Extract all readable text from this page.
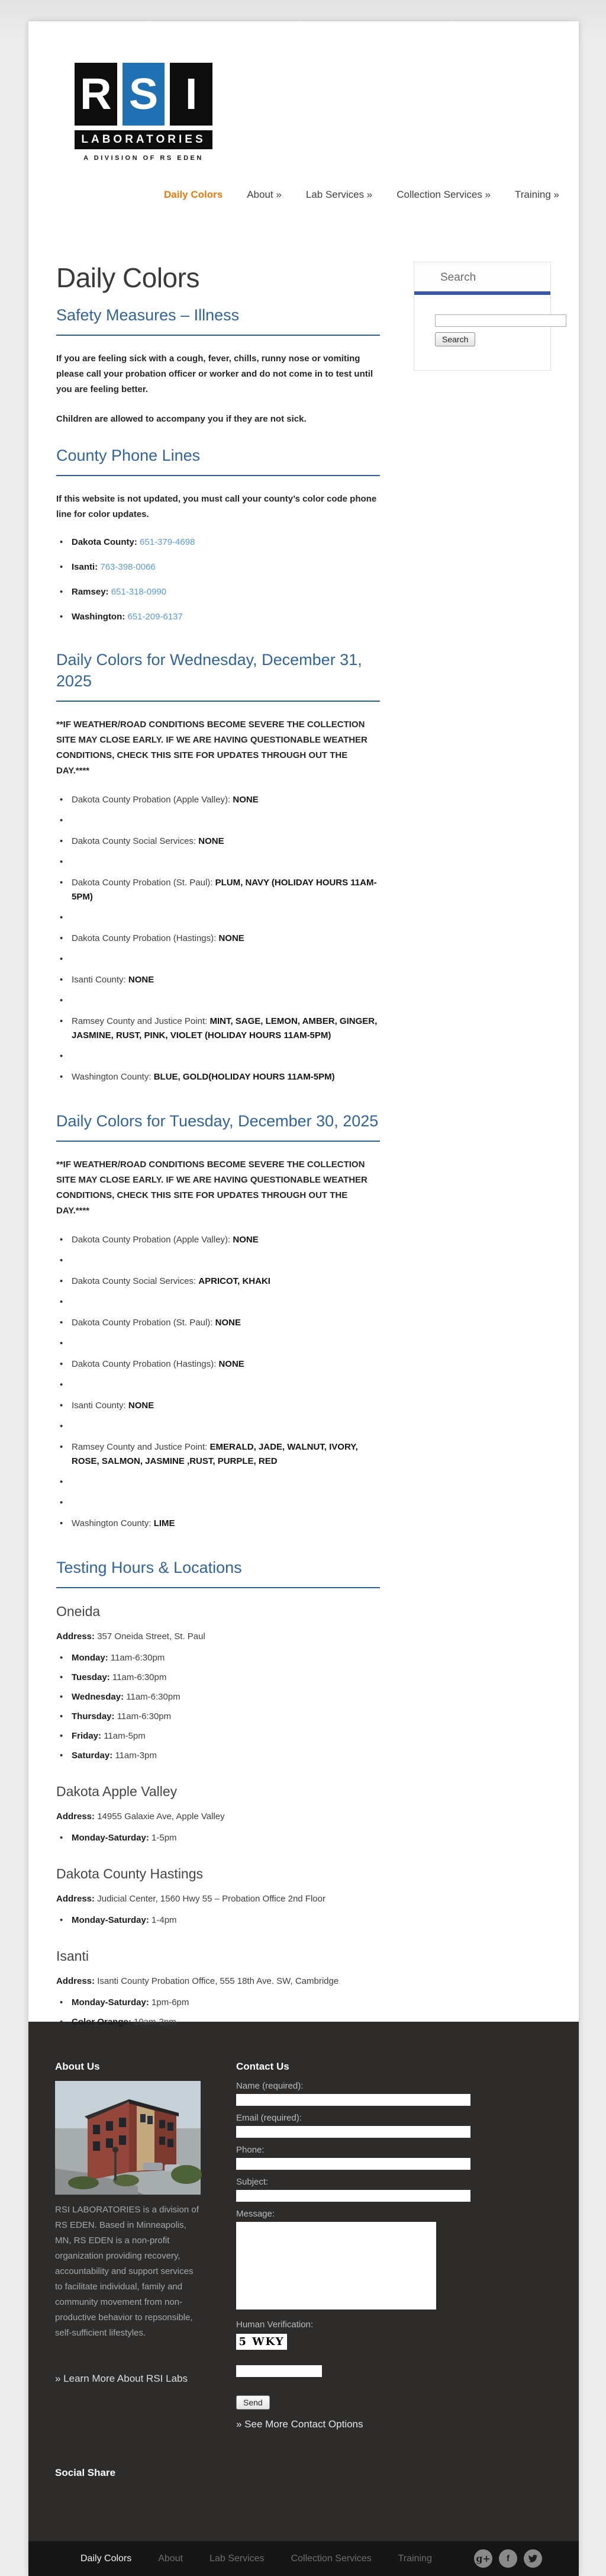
R S I
LABORATORIES
A DIVISION OF RS EDEN
Daily Colors About » Lab Services » Collection Services » Training »
Daily Colors
Safety Measures – Illness

If you are feeling sick with a cough, fever, chills, runny nose or vomiting please call your probation officer or worker and do not come in to test until you are feeling better.

Children are allowed to accompany you if they are not sick.

County Phone Lines

If this website is not updated, you must call your county’s color code phone line for color updates.

• Dakota County: 651-379-4698
• Isanti: 763-398-0066
• Ramsey: 651-318-0990
• Washington: 651-209-6137
Daily Colors for Wednesday, December 31, 2025

**IF WEATHER/ROAD CONDITIONS BECOME SEVERE THE COLLECTION SITE MAY CLOSE EARLY. IF WE ARE HAVING QUESTIONABLE WEATHER CONDITIONS, CHECK THIS SITE FOR UPDATES THROUGH OUT THE DAY.****

• Dakota County Probation (Apple Valley): NONE
•
• Dakota County Social Services: NONE
•
• Dakota County Probation (St. Paul): PLUM, NAVY (HOLIDAY HOURS 11AM-5PM)
•
• Dakota County Probation (Hastings): NONE
•
• Isanti County: NONE
•
• Ramsey County and Justice Point: MINT, SAGE, LEMON, AMBER, GINGER, JASMINE, RUST, PINK, VIOLET (HOLIDAY HOURS 11AM-5PM)
•
• Washington County: BLUE, GOLD(HOLIDAY HOURS 11AM-5PM)
Daily Colors for Tuesday, December 30, 2025

**IF WEATHER/ROAD CONDITIONS BECOME SEVERE THE COLLECTION SITE MAY CLOSE EARLY. IF WE ARE HAVING QUESTIONABLE WEATHER CONDITIONS, CHECK THIS SITE FOR UPDATES THROUGH OUT THE DAY.****

• Dakota County Probation (Apple Valley): NONE
•
• Dakota County Social Services: APRICOT, KHAKI
•
• Dakota County Probation (St. Paul): NONE
•
• Dakota County Probation (Hastings): NONE
•
• Isanti County: NONE
•
• Ramsey County and Justice Point: EMERALD, JADE, WALNUT, IVORY, ROSE, SALMON, JASMINE ,RUST, PURPLE, RED
•
•
• Washington County: LIME
Testing Hours & Locations
Oneida

Address: 357 Oneida Street, St. Paul

• Monday: 11am-6:30pm
• Tuesday: 11am-6:30pm
• Wednesday: 11am-6:30pm
• Thursday: 11am-6:30pm
• Friday: 11am-5pm
• Saturday: 11am-3pm
Dakota Apple Valley

Address: 14955 Galaxie Ave, Apple Valley

• Monday-Saturday: 1-5pm
Dakota County Hastings

Address: Judicial Center, 1560 Hwy 55 – Probation Office 2nd Floor

• Monday-Saturday: 1-4pm
Isanti

Address: Isanti County Probation Office, 555 18th Ave. SW, Cambridge

• Monday-Saturday: 1pm-6pm
• Color Orange: 10am-2pm
Search
Search
About Us

RSI LABORATORIES is a division of RS EDEN. Based in Minneapolis, MN, RS EDEN is a non-profit organization providing recovery, accountability and support services to facilitate individual, family and community movement from non-productive behavior to repsonsible, self-sufficient lifestyles.

» Learn More About RSI Labs
Contact Us
Name (required):
Email (required):
Phone:
Subject:
Message:
Human Verification:
5 WKY
Send
» See More Contact Options
Social Share
Daily Colors	About	Lab Services	Collection Services	Training	g+	f
